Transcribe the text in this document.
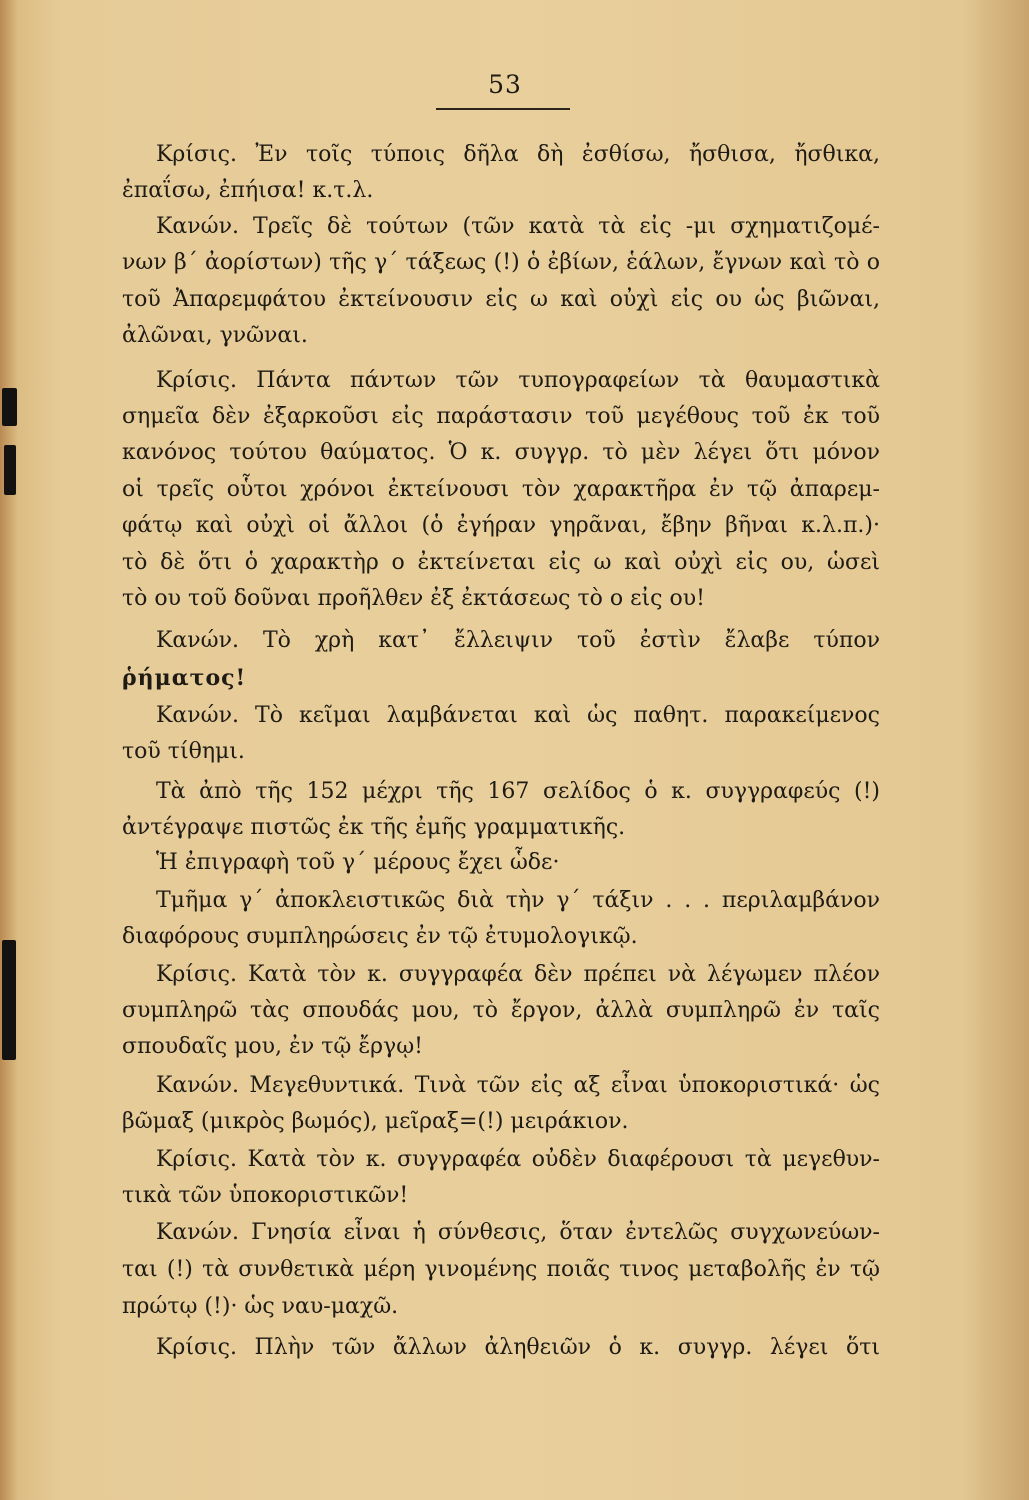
53
Κρίσις. Ἐν τοῖς τύποις δῆλα δὴ ἐσθίσω, ἤσθισα, ἤσθικα,
ἐπαΐσω, ἐπήισα! κ.τ.λ.
Κανών. Τρεῖς δὲ τούτων (τῶν κατὰ τὰ εἰς -μι σχηματιζομέ-
νων β΄ ἀορίστων) τῆς γ΄ τάξεως (!) ὁ ἐβίων, ἑάλων, ἔγνων καὶ τὸ ο
τοῦ Ἀπαρεμφάτου ἐκτείνουσιν εἰς ω καὶ οὐχὶ εἰς ου ὡς βιῶναι,
ἀλῶναι, γνῶναι.
Κρίσις. Πάντα πάντων τῶν τυπογραφείων τὰ θαυμαστικὰ
σημεῖα δὲν ἐξαρκοῦσι εἰς παράστασιν τοῦ μεγέθους τοῦ ἐκ τοῦ
κανόνος τούτου θαύματος. Ὁ κ. συγγρ. τὸ μὲν λέγει ὅτι μόνον
οἱ τρεῖς οὗτοι χρόνοι ἐκτείνουσι τὸν χαρακτῆρα ἐν τῷ ἀπαρεμ-
φάτῳ καὶ οὐχὶ οἱ ἄλλοι (ὁ ἐγήραν γηρᾶναι, ἔβην βῆναι κ.λ.π.)·
τὸ δὲ ὅτι ὁ χαρακτὴρ ο ἐκτείνεται εἰς ω καὶ οὐχὶ εἰς ου, ὡσεὶ
τὸ ου τοῦ δοῦναι προῆλθεν ἐξ ἐκτάσεως τὸ ο εἰς ου!
Κανών. Τὸ χρὴ κατ᾽ ἔλλειψιν τοῦ ἐστὶν ἔλαβε τύπον
ῥήματος!
Κανών. Τὸ κεῖμαι λαμβάνεται καὶ ὡς παθητ. παρακείμενος
τοῦ τίθημι.
Τὰ ἀπὸ τῆς 152 μέχρι τῆς 167 σελίδος ὁ κ. συγγραφεύς (!)
ἀντέγραψε πιστῶς ἐκ τῆς ἐμῆς γραμματικῆς.
Ἡ ἐπιγραφὴ τοῦ γ΄ μέρους ἔχει ὧδε·
Τμῆμα γ΄ ἀποκλειστικῶς διὰ τὴν γ΄ τάξιν . . . περιλαμβάνον
διαφόρους συμπληρώσεις ἐν τῷ ἐτυμολογικῷ.
Κρίσις. Κατὰ τὸν κ. συγγραφέα δὲν πρέπει νὰ λέγωμεν πλέον
συμπληρῶ τὰς σπουδάς μου, τὸ ἔργον, ἀλλὰ συμπληρῶ ἐν ταῖς
σπουδαῖς μου, ἐν τῷ ἔργῳ!
Κανών. Μεγεθυντικά. Τινὰ τῶν εἰς αξ εἶναι ὑποκοριστικά· ὡς
βῶμαξ (μικρὸς βωμός), μεῖραξ=(!) μειράκιον.
Κρίσις. Κατὰ τὸν κ. συγγραφέα οὐδὲν διαφέρουσι τὰ μεγεθυν-
τικὰ τῶν ὑποκοριστικῶν!
Κανών. Γνησία εἶναι ἡ σύνθεσις, ὅταν ἐντελῶς συγχωνεύων-
ται (!) τὰ συνθετικὰ μέρη γινομένης ποιᾶς τινος μεταβολῆς ἐν τῷ
πρώτῳ (!)· ὡς ναυ-μαχῶ.
Κρίσις. Πλὴν τῶν ἄλλων ἀληθειῶν ὁ κ. συγγρ. λέγει ὅτι
